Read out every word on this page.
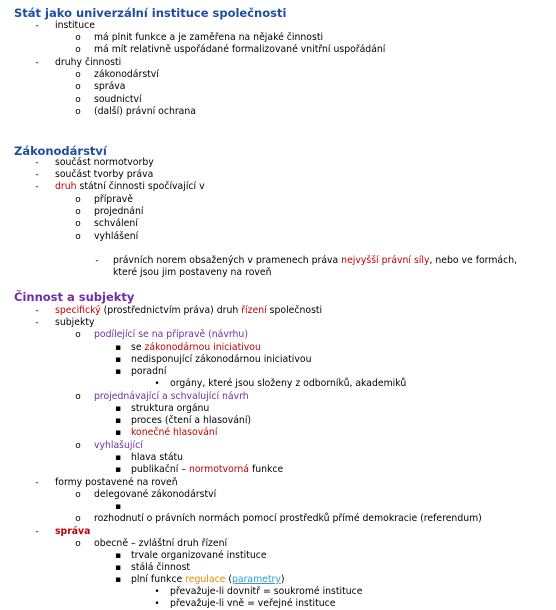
Stát jako univerzální instituce společnosti
-	instituce
o má plnit funkce a je zaměřena na nějaké činnosti
o má mít relativně uspořádané formalizované vnitřní uspořádání
-	druhy činnosti
o zákonodárství
o správa
o soudnictví
o (další) právní ochrana
Zákonodárství
-	součást normotvorby
-	součást tvorby práva
-	druh státní činnosti spočívající v
o přípravě
o projednání
o schválení
o vyhlášení
-	právních norem obsažených v pramenech práva nejvyšší právní síly, nebo ve formách,
které jsou jim postaveny na roveň
Činnost a subjekty
-	specifický (prostřednictvím práva) druh řízení společnosti
-	subjekty
o podílející se na přípravě (návrhu)
▪ se zákonodárnou iniciativou
▪ nedisponující zákonodárnou iniciativou
▪ poradní
• orgány, které jsou složeny z odborníků, akademiků
o projednávající a schvalující návrh
▪ struktura orgánu
▪ proces (čtení a hlasování)
▪ konečné hlasování
o vyhlašující
▪ hlava státu
▪ publikační – normotvorná funkce
-	formy postavené na roveň
o delegované zákonodárství
▪
o rozhodnutí o právních normách pomocí prostředků přímé demokracie (referendum)
-	správa
o obecně – zvláštní druh řízení
▪ trvale organizované instituce
▪ stálá činnost
▪ plní funkce regulace (parametry)
• převažuje-li dovnitř = soukromé instituce
• převažuje-li vně = veřejné instituce
